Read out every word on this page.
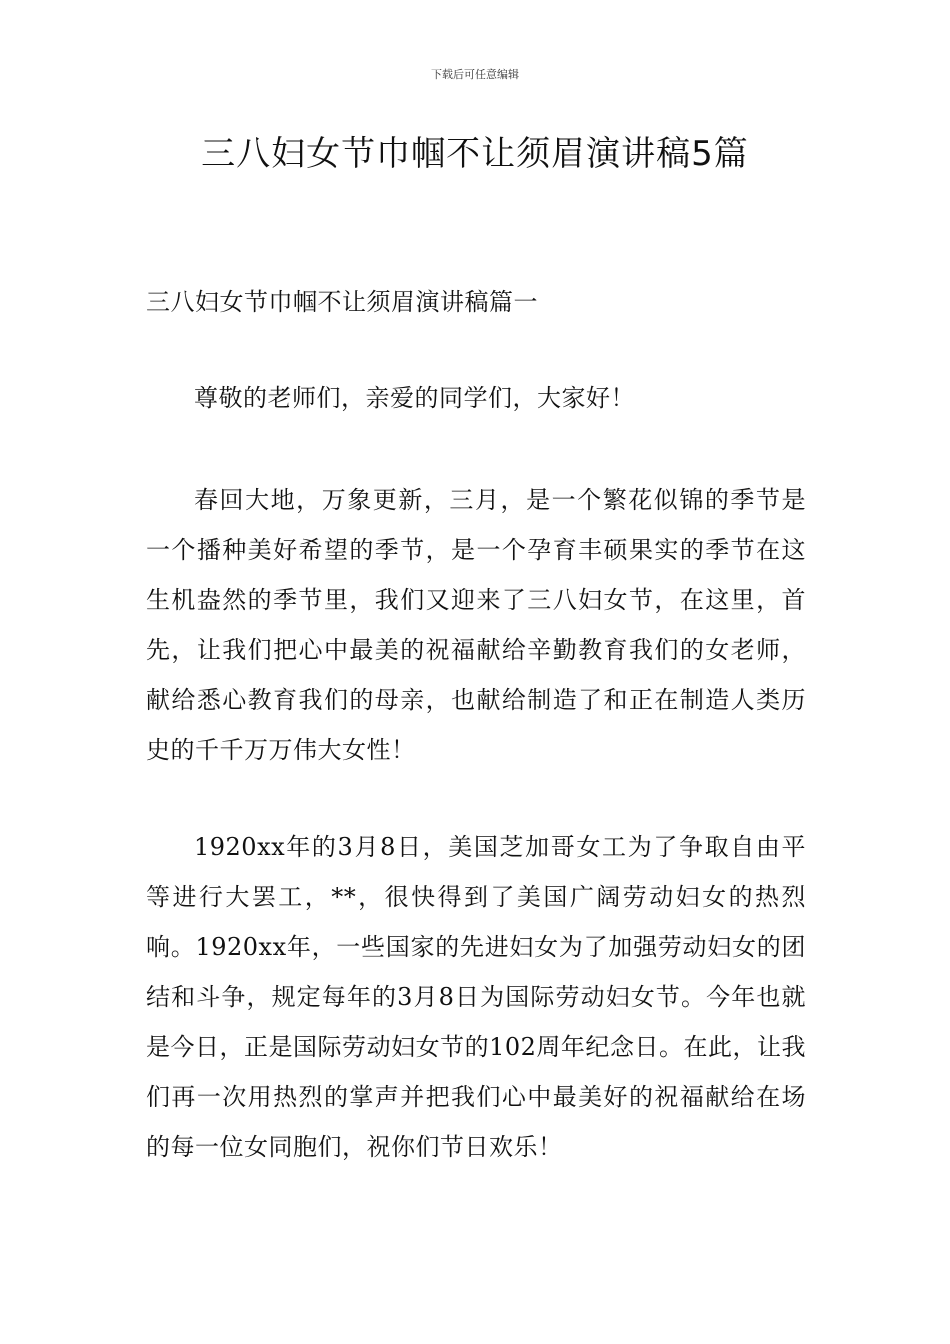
下载后可任意编辑
三八妇女节巾帼不让须眉演讲稿5篇
三八妇女节巾帼不让须眉演讲稿篇一

尊敬的老师们，亲爱的同学们，大家好！

春回大地，万象更新，三月，是一个繁花似锦的季节是一个播种美好希望的季节，是一个孕育丰硕果实的季节在这生机盎然的季节里，我们又迎来了三八妇女节，在这里，首先，让我们把心中最美的祝福献给辛勤教育我们的女老师，献给悉心教育我们的母亲，也献给制造了和正在制造人类历史的千千万万伟大女性！

1920xx年的3月8日，美国芝加哥女工为了争取自由平等进行大罢工，**，很快得到了美国广阔劳动妇女的热烈响。1920xx年，一些国家的先进妇女为了加强劳动妇女的团结和斗争，规定每年的3月8日为国际劳动妇女节。今年也就是今日，正是国际劳动妇女节的102周年纪念日。在此，让我们再一次用热烈的掌声并把我们心中最美好的祝福献给在场的每一位女同胞们，祝你们节日欢乐！
